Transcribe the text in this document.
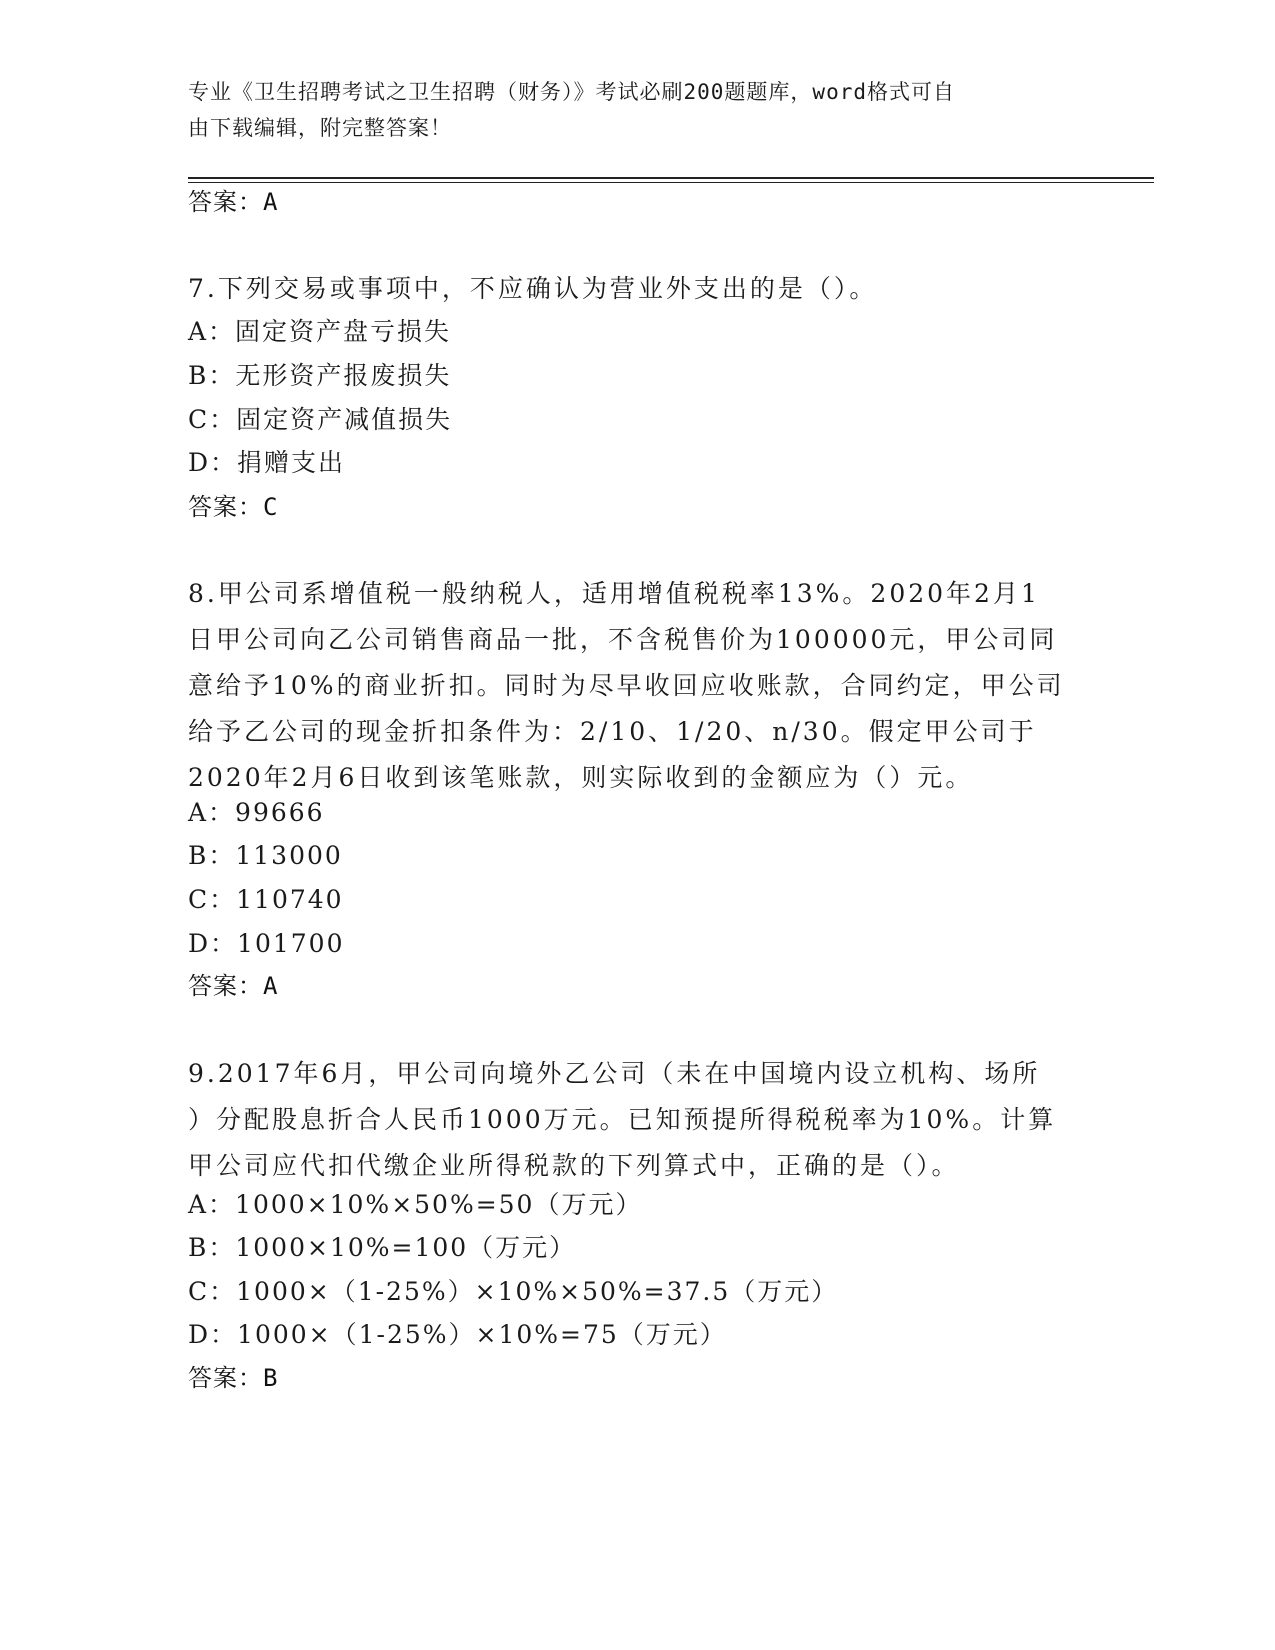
专业《卫生招聘考试之卫生招聘（财务）》考试必刷200题题库，word格式可自
由下载编辑，附完整答案！
答案：A
7.下列交易或事项中，不应确认为营业外支出的是（）。
A：固定资产盘亏损失
B：无形资产报废损失
C：固定资产减值损失
D：捐赠支出
答案：C
8.甲公司系增值税一般纳税人，适用增值税税率13%。2020年2月1
日甲公司向乙公司销售商品一批，不含税售价为100000元，甲公司同
意给予10%的商业折扣。同时为尽早收回应收账款，合同约定，甲公司
给予乙公司的现金折扣条件为：2/10、1/20、n/30。假定甲公司于
2020年2月6日收到该笔账款，则实际收到的金额应为（）元。
A：99666
B：113000
C：110740
D：101700
答案：A
9.2017年6月，甲公司向境外乙公司（未在中国境内设立机构、场所
）分配股息折合人民币1000万元。已知预提所得税税率为10%。计算
甲公司应代扣代缴企业所得税款的下列算式中，正确的是（）。
A：1000×10%×50%=50（万元）
B：1000×10%=100（万元）
C：1000×（1-25%）×10%×50%=37.5（万元）
D：1000×（1-25%）×10%=75（万元）
答案：B
